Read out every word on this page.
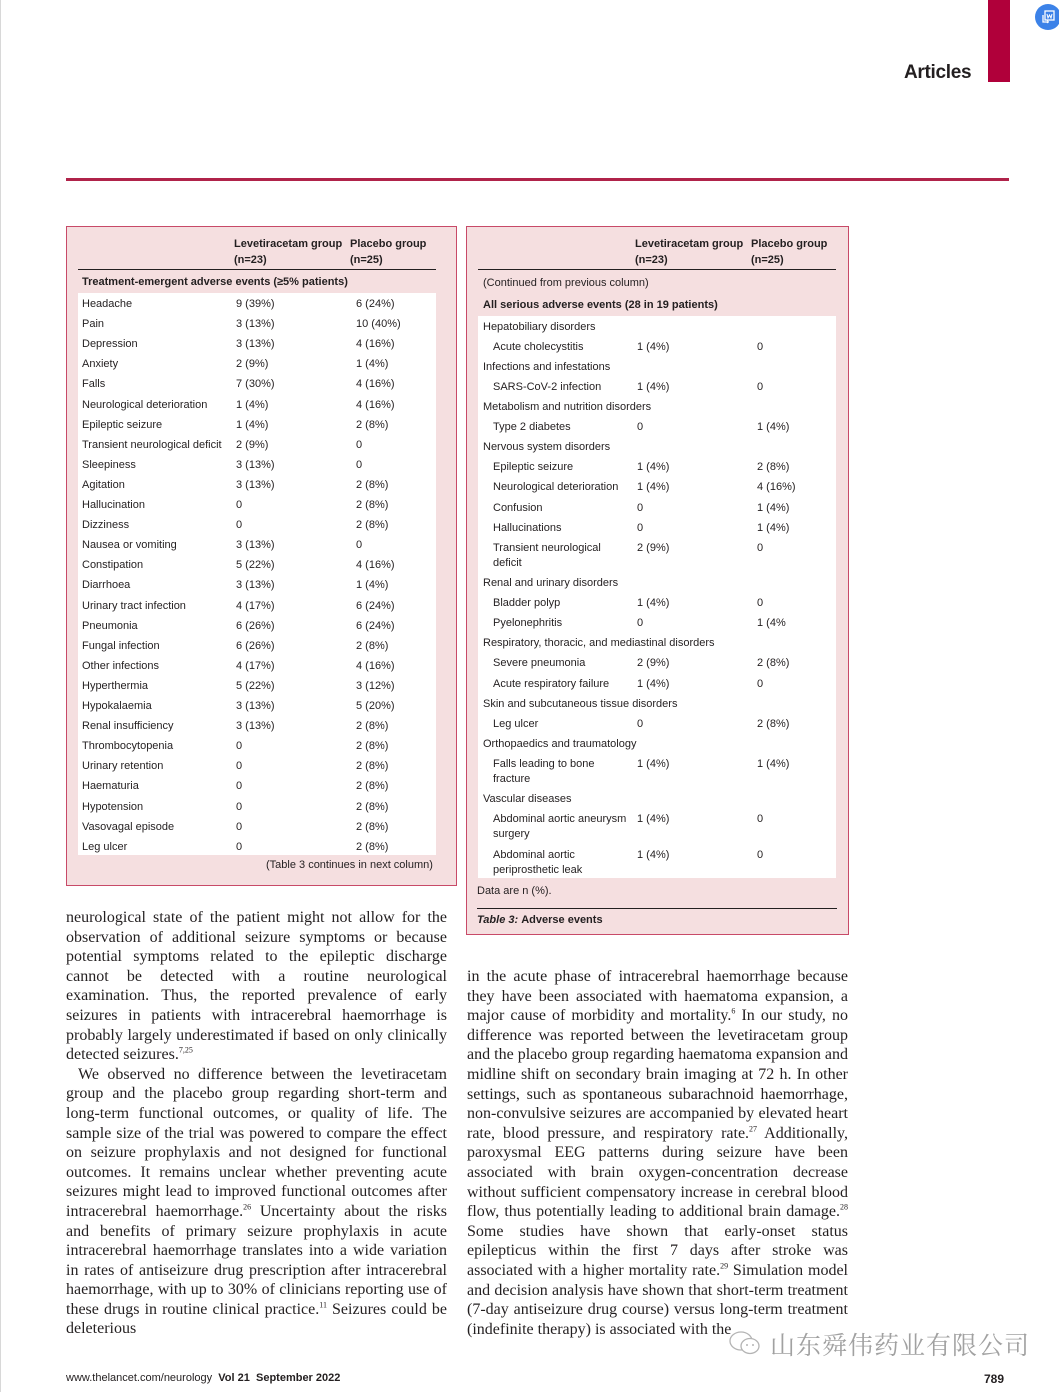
Articles
Levetiracetam group
(n=23)
Placebo group
(n=25)
Treatment-emergent adverse events (≥5% patients)
Headache	9 (39%)	6 (24%)
Pain	3 (13%)	10 (40%)
Depression	3 (13%)	4 (16%)
Anxiety	2 (9%)	1 (4%)
Falls	7 (30%)	4 (16%)
Neurological deterioration	1 (4%)	4 (16%)
Epileptic seizure	1 (4%)	2 (8%)
Transient neurological deficit 2 (9%)	0
Sleepiness	3 (13%)	0
Agitation	3 (13%)	2 (8%)
Hallucination	0	2 (8%)
Dizziness	0	2 (8%)
Nausea or vomiting	3 (13%)	0
Constipation	5 (22%)	4 (16%)
Diarrhoea	3 (13%)	1 (4%)
Urinary tract infection	4 (17%)	6 (24%)
Pneumonia	6 (26%)	6 (24%)
Fungal infection	6 (26%)	2 (8%)
Other infections	4 (17%)	4 (16%)
Hyperthermia	5 (22%)	3 (12%)
Hypokalaemia	3 (13%)	5 (20%)
Renal insufficiency	3 (13%)	2 (8%)
Thrombocytopenia	0	2 (8%)
Urinary retention	0	2 (8%)
Haematuria	0	2 (8%)
Hypotension	0	2 (8%)
Vasovagal episode	0	2 (8%)
Leg ulcer	0	2 (8%)
(Table 3 continues in next column)
Levetiracetam group
(n=23)
Placebo group
(n=25)
(Continued from previous column)
All serious adverse events (28 in 19 patients)
Hepatobiliary disorders
Acute cholecystitis	1 (4%)	0
Infections and infestations
SARS-CoV-2 infection	1 (4%)	0
Metabolism and nutrition disorders
Type 2 diabetes	0	1 (4%)
Nervous system disorders
Epileptic seizure	1 (4%)	2 (8%)
Neurological deterioration 1 (4%)	4 (16%)
Confusion	0	1 (4%)
Hallucinations	0	1 (4%)
Transient neurological
deficit
2 (9%)	0
Renal and urinary disorders
Bladder polyp	1 (4%)	0
Pyelonephritis	0	1 (4%
Respiratory, thoracic, and mediastinal disorders
Severe pneumonia	2 (9%)	2 (8%)
Acute respiratory failure	1 (4%)	0
Skin and subcutaneous tissue disorders
Leg ulcer	0	2 (8%)
Orthopaedics and traumatology
Falls leading to bone
fracture
1 (4%)	1 (4%)
Vascular diseases
Abdominal aortic aneurysm
surgery
1 (4%)	0
Abdominal aortic
periprosthetic leak
1 (4%)	0
Data are n (%).
Table 3: Adverse events

neurological state of the patient might not allow for the observation of additional seizure symptoms or because potential symptoms related to the epileptic discharge cannot be detected with a routine neurological examination. Thus, the reported prevalence of early seizures in patients with intracerebral haemorrhage is probably largely underestimated if based on only clinically detected seizures.$^{7,25}$

We observed no difference between the levetiracetam group and the placebo group regarding short-term and long-term functional outcomes, or quality of life. The sample size of the trial was powered to compare the effect on seizure prophylaxis and not designed for functional outcomes. It remains unclear whether preventing acute seizures might lead to improved functional outcomes after intracerebral haemorrhage.$^{26}$ Uncertainty about the risks and benefits of primary seizure prophylaxis in acute intracerebral haemorrhage translates into a wide variation in rates of antiseizure drug prescription after intracerebral haemorrhage, with up to 30% of clinicians reporting use of these drugs in routine clinical practice.$^{11}$ Seizures could be deleterious

in the acute phase of intracerebral haemorrhage because they have been associated with haematoma expansion, a major cause of morbidity and mortality.$^6$ In our study, no difference was reported between the levetiracetam group and the placebo group regarding haematoma expansion and midline shift on secondary brain imaging at 72 h. In other settings, such as spontaneous subarachnoid haemorrhage, non-convulsive seizures are accompanied by elevated heart rate, blood pressure, and respiratory rate.$^{27}$ Additionally, paroxysmal EEG patterns during seizure have been associated with brain oxygen-concentration decrease without sufficient compensatory increase in cerebral blood flow, thus potentially leading to additional brain damage.$^{28}$ Some studies have shown that early-onset status epilepticus within the first 7 days after stroke was associated with a higher mortality rate.$^{29}$ Simulation model and decision analysis have shown that short-term treatment (7-day antiseizure drug course) versus long-term treatment (indefinite therapy) is associated with the

山东舜伟药业有限公司
www.thelancet.com/neurology Vol 21 September 2022	789
